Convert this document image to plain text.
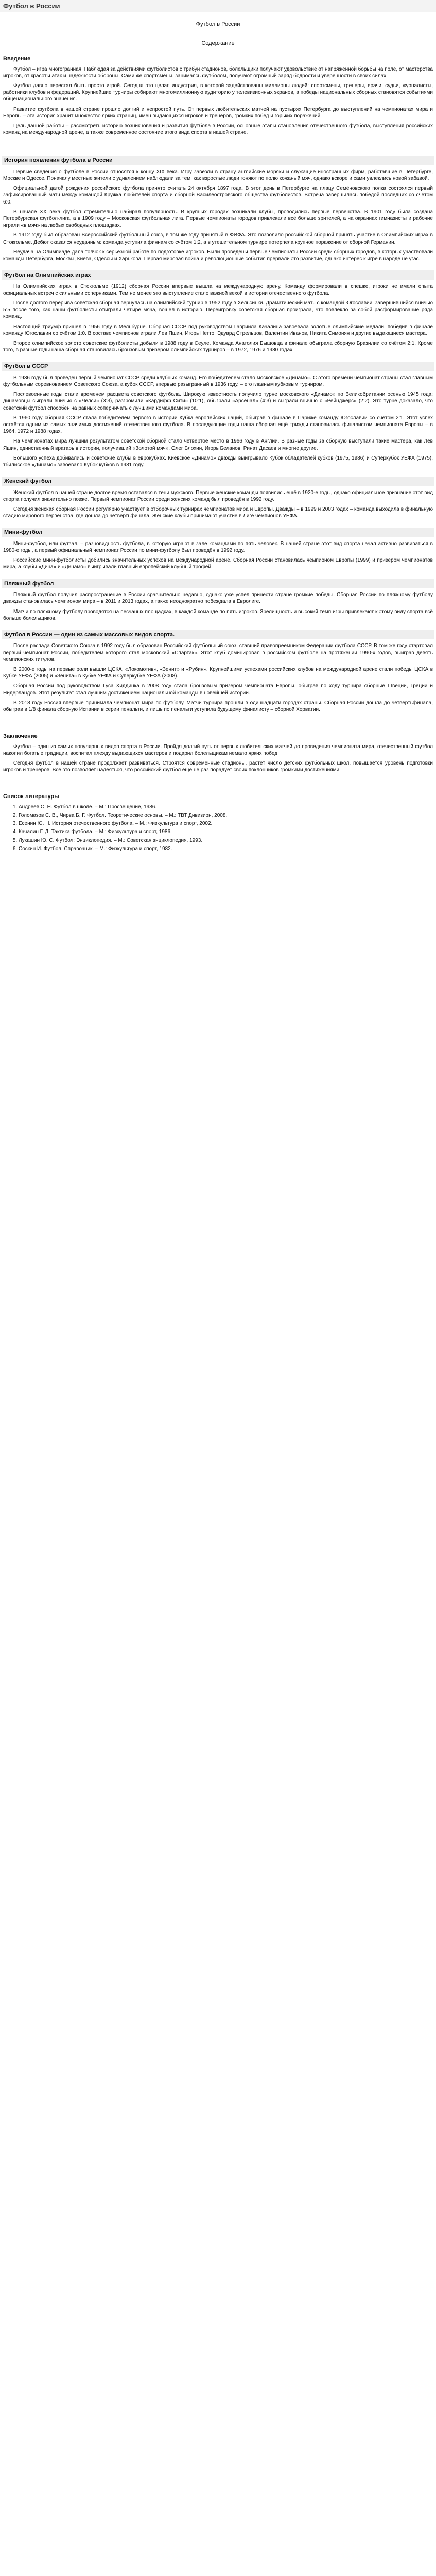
Футбол в России
Футбол в России
Содержание
Введение

Футбол – игра многогранная. Наблюдая за действиями футболистов с трибун стадионов, болельщики получают удовольствие от напряжённой борьбы на поле, от мастерства игроков, от красоты атак и надёжности обороны. Сами же спортсмены, занимаясь футболом, получают огромный заряд бодрости и уверенности в своих силах.

Футбол давно перестал быть просто игрой. Сегодня это целая индустрия, в которой задействованы миллионы людей: спортсмены, тренеры, врачи, судьи, журналисты, работники клубов и федераций. Крупнейшие турниры собирают многомиллионную аудиторию у телевизионных экранов, а победы национальных сборных становятся событиями общенационального значения.

Развитие футбола в нашей стране прошло долгий и непростой путь. От первых любительских матчей на пустырях Петербурга до выступлений на чемпионатах мира и Европы – эта история хранит множество ярких страниц, имён выдающихся игроков и тренеров, громких побед и горьких поражений.

Цель данной работы – рассмотреть историю возникновения и развития футбола в России, основные этапы становления отечественного футбола, выступления российских команд на международной арене, а также современное состояние этого вида спорта в нашей стране.

История появления футбола в России

Первые сведения о футболе в России относятся к концу XIX века. Игру завезли в страну английские моряки и служащие иностранных фирм, работавшие в Петербурге, Москве и Одессе. Поначалу местные жители с удивлением наблюдали за тем, как взрослые люди гоняют по полю кожаный мяч, однако вскоре и сами увлеклись новой забавой.

Официальной датой рождения российского футбола принято считать 24 октября 1897 года. В этот день в Петербурге на плацу Семёновского полка состоялся первый зафиксированный матч между командой Кружка любителей спорта и сборной Василеостровского общества футболистов. Встреча завершилась победой последних со счётом 6:0.

В начале XX века футбол стремительно набирал популярность. В крупных городах возникали клубы, проводились первые первенства. В 1901 году была создана Петербургская футбол-лига, а в 1909 году – Московская футбольная лига. Первые чемпионаты городов привлекали всё больше зрителей, а на окраинах гимназисты и рабочие играли «в мяч» на любых свободных площадках.

В 1912 году был образован Всероссийский футбольный союз, в том же году принятый в ФИФА. Это позволило российской сборной принять участие в Олимпийских играх в Стокгольме. Дебют оказался неудачным: команда уступила финнам со счётом 1:2, а в утешительном турнире потерпела крупное поражение от сборной Германии.

Неудача на Олимпиаде дала толчок к серьёзной работе по подготовке игроков. Были проведены первые чемпионаты России среди сборных городов, в которых участвовали команды Петербурга, Москвы, Киева, Одессы и Харькова. Первая мировая война и революционные события прервали это развитие, однако интерес к игре в народе не угас.

Футбол на Олимпийских играх

На Олимпийских играх в Стокгольме (1912) сборная России впервые вышла на международную арену. Команду формировали в спешке, игроки не имели опыта официальных встреч с сильными соперниками. Тем не менее это выступление стало важной вехой в истории отечественного футбола.

После долгого перерыва советская сборная вернулась на олимпийский турнир в 1952 году в Хельсинки. Драматический матч с командой Югославии, завершившийся вничью 5:5 после того, как наши футболисты отыграли четыре мяча, вошёл в историю. Переигровку советская сборная проиграла, что повлекло за собой расформирование ряда команд.

Настоящий триумф пришёл в 1956 году в Мельбурне. Сборная СССР под руководством Гавриила Качалина завоевала золотые олимпийские медали, победив в финале команду Югославии со счётом 1:0. В составе чемпионов играли Лев Яшин, Игорь Нетто, Эдуард Стрельцов, Валентин Иванов, Никита Симонян и другие выдающиеся мастера.

Второе олимпийское золото советские футболисты добыли в 1988 году в Сеуле. Команда Анатолия Бышовца в финале обыграла сборную Бразилии со счётом 2:1. Кроме того, в разные годы наша сборная становилась бронзовым призёром олимпийских турниров – в 1972, 1976 и 1980 годах.

Футбол в СССР

В 1936 году был проведён первый чемпионат СССР среди клубных команд. Его победителем стало московское «Динамо». С этого времени чемпионат страны стал главным футбольным соревнованием Советского Союза, а кубок СССР, впервые разыгранный в 1936 году, – его главным кубковым турниром.

Послевоенные годы стали временем расцвета советского футбола. Широкую известность получило турне московского «Динамо» по Великобритании осенью 1945 года: динамовцы сыграли вничью с «Челси» (3:3), разгромили «Кардифф Сити» (10:1), обыграли «Арсенал» (4:3) и сыграли вничью с «Рейнджерс» (2:2). Это турне доказало, что советский футбол способен на равных соперничать с лучшими командами мира.

В 1960 году сборная СССР стала победителем первого в истории Кубка европейских наций, обыграв в финале в Париже команду Югославии со счётом 2:1. Этот успех остаётся одним из самых значимых достижений отечественного футбола. В последующие годы наша сборная ещё трижды становилась финалистом чемпионата Европы – в 1964, 1972 и 1988 годах.

На чемпионатах мира лучшим результатом советской сборной стало четвёртое место в 1966 году в Англии. В разные годы за сборную выступали такие мастера, как Лев Яшин, единственный вратарь в истории, получивший «Золотой мяч», Олег Блохин, Игорь Беланов, Ринат Дасаев и многие другие.

Большого успеха добивались и советские клубы в еврокубках. Киевское «Динамо» дважды выигрывало Кубок обладателей кубков (1975, 1986) и Суперкубок УЕФА (1975), тбилисское «Динамо» завоевало Кубок кубков в 1981 году.

Женский футбол

Женский футбол в нашей стране долгое время оставался в тени мужского. Первые женские команды появились ещё в 1920-е годы, однако официальное признание этот вид спорта получил значительно позже. Первый чемпионат России среди женских команд был проведён в 1992 году.

Сегодня женская сборная России регулярно участвует в отборочных турнирах чемпионатов мира и Европы. Дважды – в 1999 и 2003 годах – команда выходила в финальную стадию мирового первенства, где дошла до четвертьфинала. Женские клубы принимают участие в Лиге чемпионов УЕФА.

Мини-футбол

Мини-футбол, или футзал, – разновидность футбола, в которую играют в зале командами по пять человек. В нашей стране этот вид спорта начал активно развиваться в 1980-е годы, а первый официальный чемпионат России по мини-футболу был проведён в 1992 году.

Российские мини-футболисты добились значительных успехов на международной арене. Сборная России становилась чемпионом Европы (1999) и призёром чемпионатов мира, а клубы «Дина» и «Динамо» выигрывали главный европейский клубный трофей.

Пляжный футбол

Пляжный футбол получил распространение в России сравнительно недавно, однако уже успел принести стране громкие победы. Сборная России по пляжному футболу дважды становилась чемпионом мира – в 2011 и 2013 годах, а также неоднократно побеждала в Евролиге.

Матчи по пляжному футболу проводятся на песчаных площадках, в каждой команде по пять игроков. Зрелищность и высокий темп игры привлекают к этому виду спорта всё больше болельщиков.

Футбол в России — один из самых массовых видов спорта.

После распада Советского Союза в 1992 году был образован Российский футбольный союз, ставший правопреемником Федерации футбола СССР. В том же году стартовал первый чемпионат России, победителем которого стал московский «Спартак». Этот клуб доминировал в российском футболе на протяжении 1990-х годов, выиграв девять чемпионских титулов.

В 2000-е годы на первые роли вышли ЦСКА, «Локомотив», «Зенит» и «Рубин». Крупнейшими успехами российских клубов на международной арене стали победы ЦСКА в Кубке УЕФА (2005) и «Зенита» в Кубке УЕФА и Суперкубке УЕФА (2008).

Сборная России под руководством Гуса Хиддинка в 2008 году стала бронзовым призёром чемпионата Европы, обыграв по ходу турнира сборные Швеции, Греции и Нидерландов. Этот результат стал лучшим достижением национальной команды в новейшей истории.

В 2018 году Россия впервые принимала чемпионат мира по футболу. Матчи турнира прошли в одиннадцати городах страны. Сборная России дошла до четвертьфинала, обыграв в 1/8 финала сборную Испании в серии пенальти, и лишь по пенальти уступила будущему финалисту – сборной Хорватии.

Заключение

Футбол – один из самых популярных видов спорта в России. Пройдя долгий путь от первых любительских матчей до проведения чемпионата мира, отечественный футбол накопил богатые традиции, воспитал плеяду выдающихся мастеров и подарил болельщикам немало ярких побед.

Сегодня футбол в нашей стране продолжает развиваться. Строятся современные стадионы, растёт число детских футбольных школ, повышается уровень подготовки игроков и тренеров. Всё это позволяет надеяться, что российский футбол ещё не раз порадует своих поклонников громкими достижениями.

Список литературы
1. Андреев С. Н. Футбол в школе. – М.: Просвещение, 1986.
2. Голомазов С. В., Чирва Б. Г. Футбол. Теоретические основы. – М.: ТВТ Дивизион, 2008.
3. Есенин Ю. Н. История отечественного футбола. – М.: Физкультура и спорт, 2002.
4. Качалин Г. Д. Тактика футбола. – М.: Физкультура и спорт, 1986.
5. Лукашин Ю. С. Футбол: Энциклопедия. – М.: Советская энциклопедия, 1993.
6. Соскин И. Футбол. Справочник. – М.: Физкультура и спорт, 1982.
